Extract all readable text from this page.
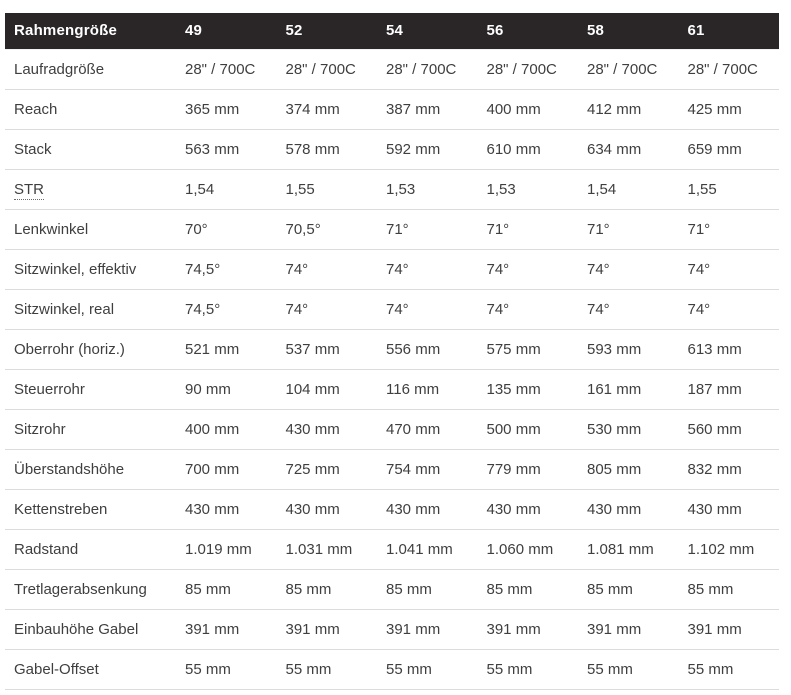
Rahmengröße	49	52	54	56	58	61
Laufradgröße	28" / 700C	28" / 700C	28" / 700C	28" / 700C	28" / 700C	28" / 700C
Reach	365 mm	374 mm	387 mm	400 mm	412 mm	425 mm
Stack	563 mm	578 mm	592 mm	610 mm	634 mm	659 mm
STR	1,54	1,55	1,53	1,53	1,54	1,55
Lenkwinkel	70°	70,5°	71°	71°	71°	71°
Sitzwinkel, effektiv	74,5°	74°	74°	74°	74°	74°
Sitzwinkel, real	74,5°	74°	74°	74°	74°	74°
Oberrohr (horiz.)	521 mm	537 mm	556 mm	575 mm	593 mm	613 mm
Steuerrohr	90 mm	104 mm	116 mm	135 mm	161 mm	187 mm
Sitzrohr	400 mm	430 mm	470 mm	500 mm	530 mm	560 mm
Überstandshöhe	700 mm	725 mm	754 mm	779 mm	805 mm	832 mm
Kettenstreben	430 mm	430 mm	430 mm	430 mm	430 mm	430 mm
Radstand	1.019 mm	1.031 mm	1.041 mm	1.060 mm	1.081 mm	1.102 mm
Tretlagerabsenkung	85 mm	85 mm	85 mm	85 mm	85 mm	85 mm
Einbauhöhe Gabel	391 mm	391 mm	391 mm	391 mm	391 mm	391 mm
Gabel-Offset	55 mm	55 mm	55 mm	55 mm	55 mm	55 mm
